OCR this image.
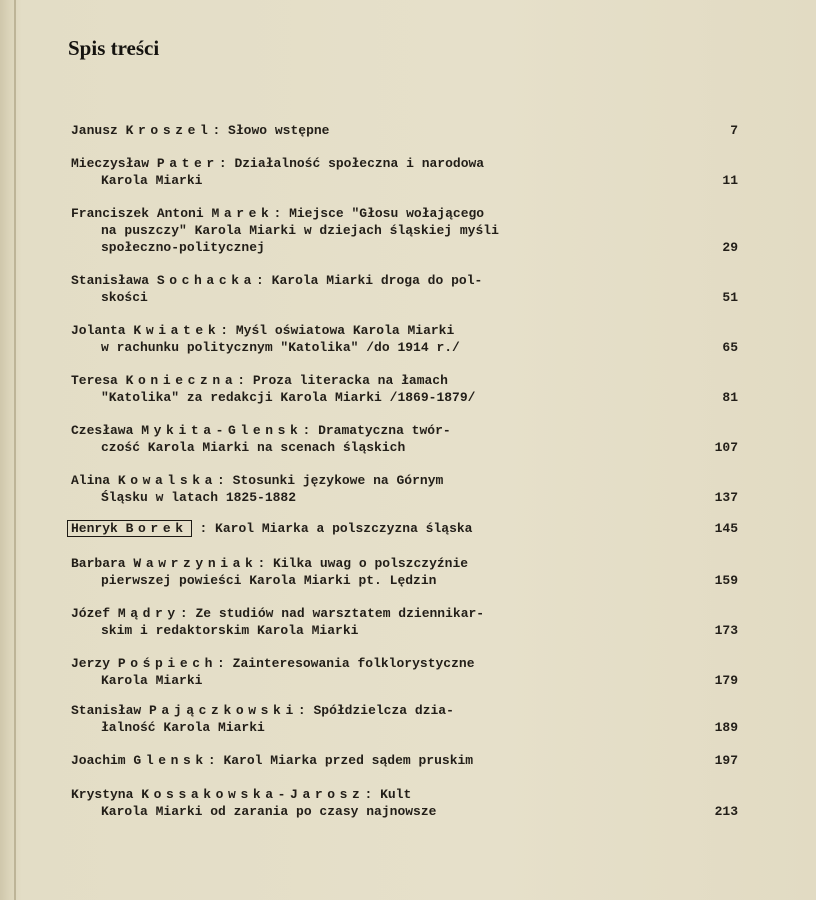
Spis treści
Janusz Kroszel: Słowo wstępne	7
Mieczysław Pater: Działalność społeczna i narodowa
Karola Miarki	11
Franciszek Antoni Marek: Miejsce "Głosu wołającego
na puszczy" Karola Miarki w dziejach śląskiej myśli
społeczno-politycznej	29
Stanisława Sochacka: Karola Miarki droga do pol-
skości	51
Jolanta Kwiatek: Myśl oświatowa Karola Miarki
w rachunku politycznym "Katolika" /do 1914 r./	65
Teresa Koniecznа: Proza literacka na łamach
"Katolika" za redakcji Karola Miarki /1869-1879/	81
Czesława Mykita-Glensk: Dramatyczna twór-
czość Karola Miarki na scenach śląskich	107
Alina Kowalska: Stosunki językowe na Górnym
Śląsku w latach 1825-1882	137
Henryk Borek : Karol Miarka a polszczyzna śląska	145
Barbara Wawrzyniak: Kilka uwag o polszczyźnie
pierwszej powieści Karola Miarki pt. Lędzin	159
Józef Mądry: Ze studiów nad warsztatem dziennikar-
skim i redaktorskim Karola Miarki	173
Jerzy Pośpiech: Zainteresowania folklorystyczne
Karola Miarki	179
Stanisław Pajączkowski: Spółdzielcza dzia-
łalność Karola Miarki	189
Joachim Glensk: Karol Miarka przed sądem pruskim	197
Krystyna Kossakowska-Jarosz: Kult
Karola Miarki od zarania po czasy najnowsze	213
